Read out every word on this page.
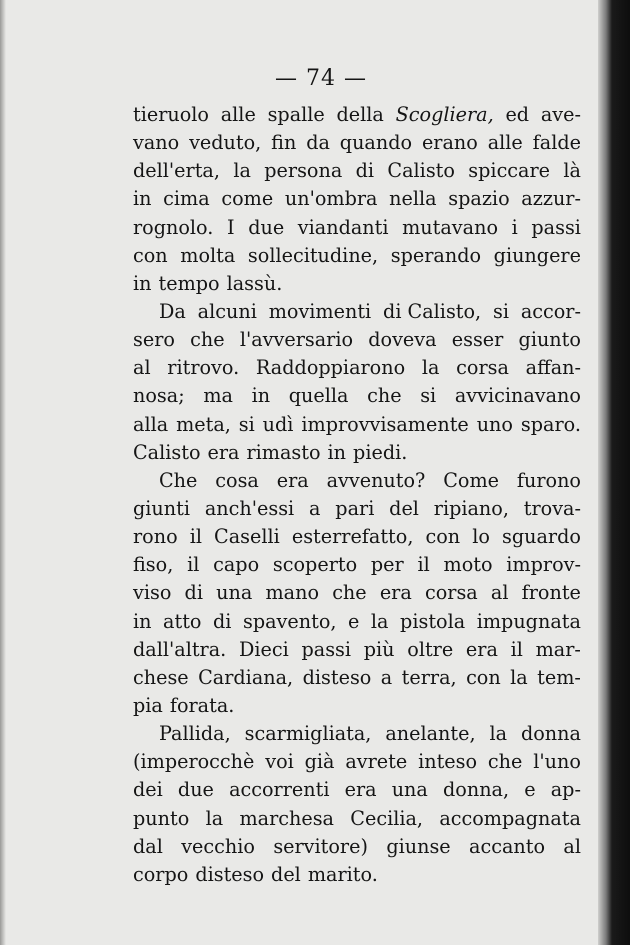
— 74 —
tieruolo alle spalle della Scogliera, ed ave-
vano veduto, fin da quando erano alle falde
dell'erta, la persona di Calisto spiccare là
in cima come un'ombra nella spazio azzur-
rognolo. I due viandanti mutavano i passi
con molta sollecitudine, sperando giungere
in tempo lassù.
Da alcuni movimenti di Calisto, si accor-
sero che l'avversario doveva esser giunto
al ritrovo. Raddoppiarono la corsa affan-
nosa; ma in quella che si avvicinavano
alla meta, si udì improvvisamente uno sparo.
Calisto era rimasto in piedi.
Che cosa era avvenuto? Come furono
giunti anch'essi a pari del ripiano, trova-
rono il Caselli esterrefatto, con lo sguardo
fiso, il capo scoperto per il moto improv-
viso di una mano che era corsa al fronte
in atto di spavento, e la pistola impugnata
dall'altra. Dieci passi più oltre era il mar-
chese Cardiana, disteso a terra, con la tem-
pia forata.
Pallida, scarmigliata, anelante, la donna
(imperocchè voi già avrete inteso che l'uno
dei due accorrenti era una donna, e ap-
punto la marchesa Cecilia, accompagnata
dal vecchio servitore) giunse accanto al
corpo disteso del marito.
